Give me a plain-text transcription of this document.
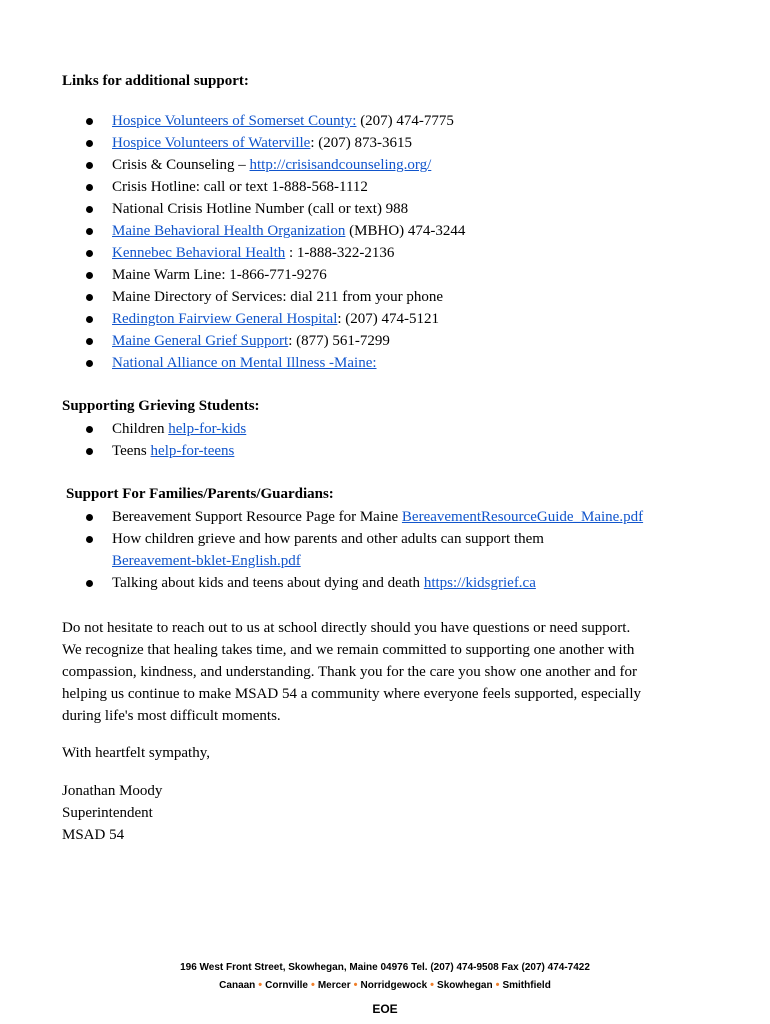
Links for additional support:
Hospice Volunteers of Somerset County: (207) 474-7775
Hospice Volunteers of Waterville: (207) 873-3615
Crisis & Counseling – http://crisisandcounseling.org/
Crisis Hotline: call or text 1-888-568-1112
National Crisis Hotline Number (call or text) 988
Maine Behavioral Health Organization (MBHO) 474-3244
Kennebec Behavioral Health : 1-888-322-2136
Maine Warm Line: 1-866-771-9276
Maine Directory of Services: dial 211 from your phone
Redington Fairview General Hospital: (207) 474-5121
Maine General Grief Support: (877) 561-7299
National Alliance on Mental Illness -Maine:
Supporting Grieving Students:
Children help-for-kids
Teens help-for-teens
Support For Families/Parents/Guardians:
Bereavement Support Resource Page for Maine BereavementResourceGuide_Maine.pdf
How children grieve and how parents and other adults can support them
Bereavement-bklet-English.pdf
Talking about kids and teens about dying and death https://kidsgrief.ca

Do not hesitate to reach out to us at school directly should you have questions or need support.
We recognize that healing takes time, and we remain committed to supporting one another with
compassion, kindness, and understanding. Thank you for the care you show one another and for
helping us continue to make MSAD 54 a community where everyone feels supported, especially
during life's most difficult moments.

With heartfelt sympathy,

Jonathan Moody
Superintendent
MSAD 54

196 West Front Street, Skowhegan, Maine 04976 Tel. (207) 474-9508 Fax (207) 474-7422
Canaan • Cornville • Mercer • Norridgewock • Skowhegan • Smithfield
EOE
